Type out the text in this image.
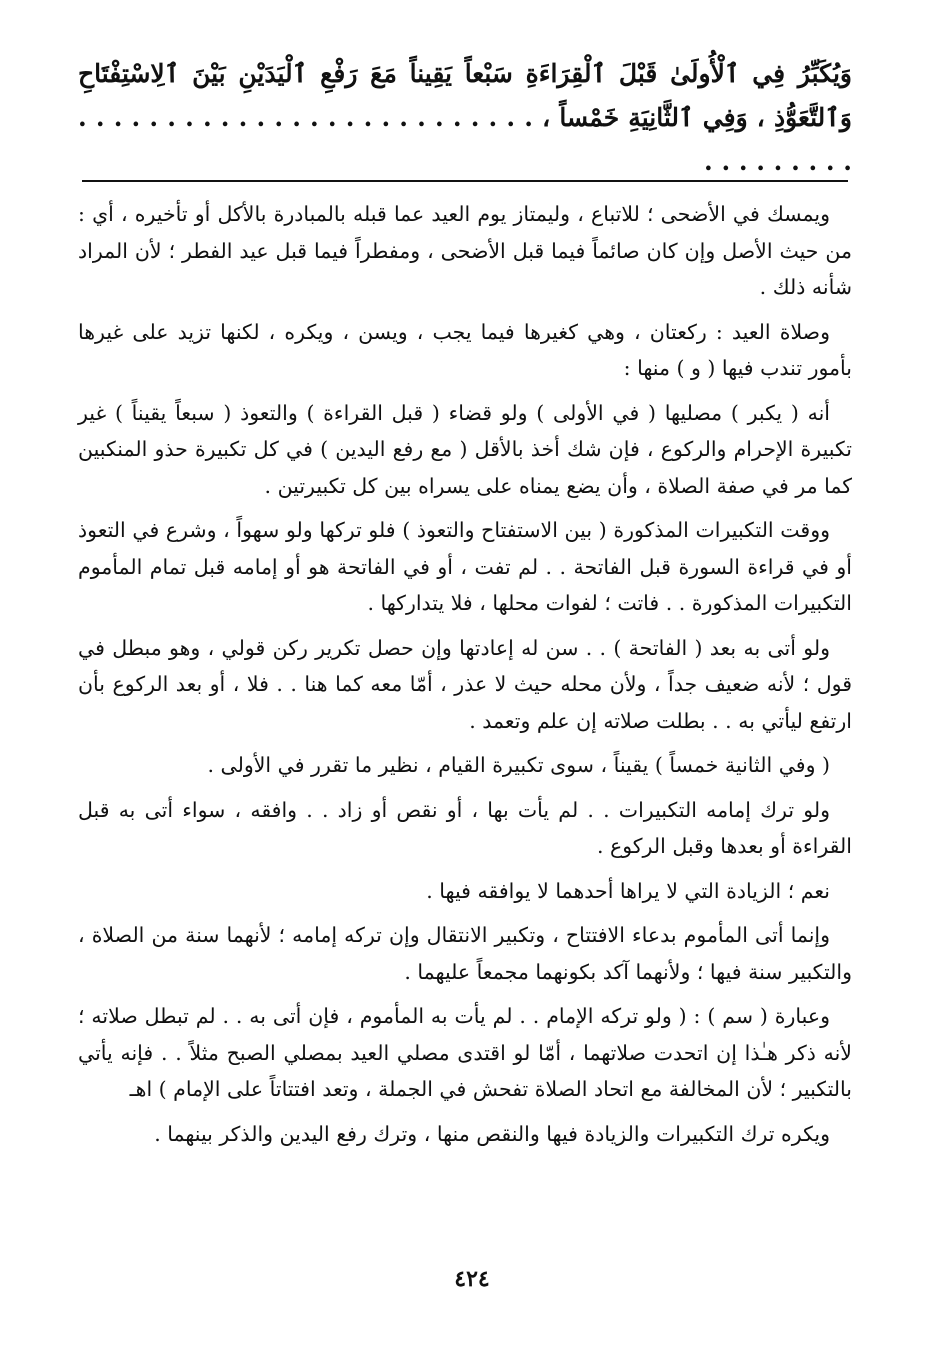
وَيُكَبِّرُ فِي ٱلْأُولَىٰ قَبْلَ ٱلْقِرَاءَةِ سَبْعاً يَقِيناً مَعَ رَفْعِ ٱلْيَدَيْنِ بَيْنَ ٱلِاسْتِفْتَاحِ وَٱلتَّعَوُّذِ ، وَفِي ٱلثَّانِيَةِ خَمْساً ، . . . . . . . . . . . . . . . . . . . . . . . . . . . . . . . . . . .

ويمسك في الأضحى ؛ للاتباع ، وليمتاز يوم العيد عما قبله بالمبادرة بالأكل أو تأخيره ، أي : من حيث الأصل وإن كان صائماً فيما قبل الأضحى ، ومفطراً فيما قبل عيد الفطر ؛ لأن المراد شأنه ذلك .

وصلاة العيد : ركعتان ، وهي كغيرها فيما يجب ، ويسن ، ويكره ، لكنها تزيد على غيرها بأمور تندب فيها ( و ) منها :

أنه ( يكبر ) مصليها ( في الأولى ) ولو قضاء ( قبل القراءة ) والتعوذ ( سبعاً يقيناً ) غير تكبيرة الإحرام والركوع ، فإن شك أخذ بالأقل ( مع رفع اليدين ) في كل تكبيرة حذو المنكبين كما مر في صفة الصلاة ، وأن يضع يمناه على يسراه بين كل تكبيرتين .

ووقت التكبيرات المذكورة ( بين الاستفتاح والتعوذ ) فلو تركها ولو سهواً ، وشرع في التعوذ أو في قراءة السورة قبل الفاتحة . . لم تفت ، أو في الفاتحة هو أو إمامه قبل تمام المأموم التكبيرات المذكورة . . فاتت ؛ لفوات محلها ، فلا يتداركها .

ولو أتى به بعد ( الفاتحة ) . . سن له إعادتها وإن حصل تكرير ركن قولي ، وهو مبطل في قول ؛ لأنه ضعيف جداً ، ولأن محله حيث لا عذر ، أمّا معه كما هنا . . فلا ، أو بعد الركوع بأن ارتفع ليأتي به . . بطلت صلاته إن علم وتعمد .

( وفي الثانية خمساً ) يقيناً ، سوى تكبيرة القيام ، نظير ما تقرر في الأولى .

ولو ترك إمامه التكبيرات . . لم يأت بها ، أو نقص أو زاد . . وافقه ، سواء أتى به قبل القراءة أو بعدها وقبل الركوع .

نعم ؛ الزيادة التي لا يراها أحدهما لا يوافقه فيها .

وإنما أتى المأموم بدعاء الافتتاح ، وتكبير الانتقال وإن تركه إمامه ؛ لأنهما سنة من الصلاة ، والتكبير سنة فيها ؛ ولأنهما آكد بكونهما مجمعاً عليهما .

وعبارة ( سم ) : ( ولو تركه الإمام . . لم يأت به المأموم ، فإن أتى به . . لم تبطل صلاته ؛ لأنه ذكر هـٰذا إن اتحدت صلاتهما ، أمّا لو اقتدى مصلي العيد بمصلي الصبح مثلاً . . فإنه يأتي بالتكبير ؛ لأن المخالفة مع اتحاد الصلاة تفحش في الجملة ، وتعد افتتاتاً على الإمام ) اهـ

ويكره ترك التكبيرات والزيادة فيها والنقص منها ، وترك رفع اليدين والذكر بينهما .

٤٢٤
